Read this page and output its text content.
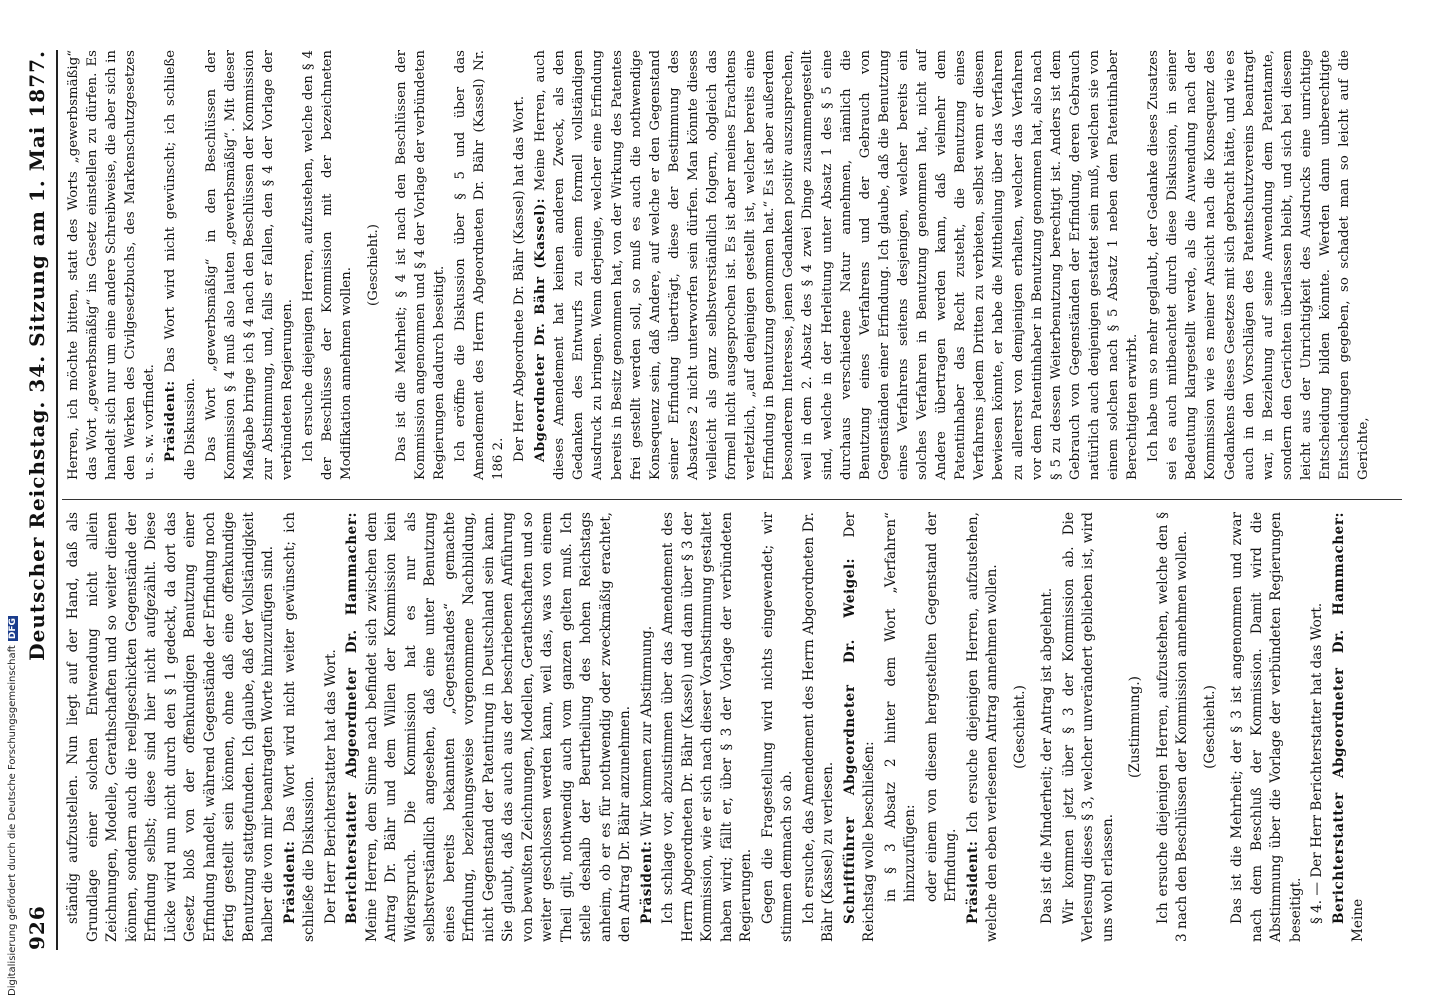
926
Deutscher Reichstag. 34. Sitzung am 1. Mai 1877.

ständig aufzustellen. Nun liegt auf der Hand, daß als Grundlage einer solchen Entwendung nicht allein Zeichnungen, Modelle, Gerathschaften und so weiter dienen können, sondern auch die reellgeschickten Gegenstände der Erfindung selbst; diese sind hier nicht aufgezählt. Diese Lücke wird nun nicht durch den § 1 gedeckt, da dort das Gesetz bloß von der offenkundigen Benutzung einer Erfindung handelt, während Gegenstände der Erfindung noch fertig gestellt sein können, ohne daß eine offenkundige Benutzung stattgefunden. Ich glaube, daß der Vollständigkeit halber die von mir beantragten Worte hinzuzufügen sind. Präsident: Das Wort wird nicht weiter gewünscht; ich schließe die Diskussion. Der Herr Berichterstatter hat das Wort. Berichterstatter Abgeordneter Dr. Hammacher: Meine Herren, dem Sinne nach befindet sich zwischen dem Antrag Dr. Bähr und dem Willen der Kommission kein Widerspruch. Die Kommission hat es nur als selbstverständlich angesehen, daß eine unter Benutzung eines bereits bekannten „Gegenstandes“ gemachte Erfindung, beziehungsweise vorgenommene Nachbildung, nicht Gegenstand der Patentirung in Deutschland sein kann. Sie glaubt, daß das auch aus der beschriebenen Anführung von bewußten Zeichnungen, Modellen, Gerathschaften und so weiter geschlossen werden kann, weil das, was von einem Theil gilt, nothwendig auch vom ganzen gelten muß. Ich stelle deshalb der Beurtheilung des hohen Reichstags anheim, ob er es für nothwendig oder zweckmäßig erachtet, den Antrag Dr. Bähr anzunehmen. Präsident: Wir kommen zur Abstimmung. Ich schlage vor, abzustimmen über das Amendement des Herrn Abgeordneten Dr. Bähr (Kassel) und dann über § 3 der Kommission, wie er sich nach dieser Vorabstimmung gestaltet haben wird; fällt er, über § 3 der Vorlage der verbündeten Regierungen. Gegen die Fragestellung wird nichts eingewendet; wir stimmen demnach so ab. Ich ersuche, das Amendement des Herrn Abgeordneten Dr. Bähr (Kassel) zu verlesen. Schriftführer Abgeordneter Dr. Weigel: Der Reichstag wolle beschließen: in § 3 Absatz 2 hinter dem Wort „Verfahren“ hinzuzufügen: oder einem von diesem hergestellten Gegenstand der Erfindung. Präsident: Ich ersuche diejenigen Herren, aufzustehen, welche den eben verlesenen Antrag annehmen wollen. (Geschieht.) Das ist die Minderheit; der Antrag ist abgelehnt. Wir kommen jetzt über § 3 der Kommission ab. Die Verlesung dieses § 3, welcher unverändert geblieben ist, wird uns wohl erlassen.

(Zustimmung.) Ich ersuche diejenigen Herren, aufzustehen, welche den § 3 nach den Beschlüssen der Kommission annehmen wollen. (Geschieht.) Das ist die Mehrheit; der § 3 ist angenommen und zwar nach dem Beschluß der Kommission. Damit wird die Abstimmung über die Vorlage der verbündeten Regierungen beseitigt. § 4. — Der Herr Berichterstatter hat das Wort. Berichterstatter Abgeordneter Dr. Hammacher: Meine

Herren, ich möchte bitten, statt des Worts „gewerbsmäßig“ das Wort „gewerbsmäßig“ ins Gesetz einstellen zu dürfen. Es handelt sich nur um eine andere Schreibweise, die aber sich in den Werken des Civilgesetzbuchs, des Markenschutzgesetzes u. s. w. vorfindet. Präsident: Das Wort wird nicht gewünscht; ich schließe die Diskussion. Das Wort „gewerbsmäßig“ in den Beschlüssen der Kommission § 4 muß also lauten „gewerbsmäßig“. Mit dieser Maßgabe bringe ich § 4 nach den Beschlüssen der Kommission zur Abstimmung, und, falls er fallen, den § 4 der Vorlage der verbündeten Regierungen. Ich ersuche diejenigen Herren, aufzustehen, welche den § 4 der Beschlüsse der Kommission mit der bezeichneten Modifikation annehmen wollen.

(Geschieht.) Das ist die Mehrheit; § 4 ist nach den Beschlüssen der Kommission angenommen und § 4 der Vorlage der verbündeten Regierungen dadurch beseitigt. Ich eröffne die Diskussion über § 5 und über das Amendement des Herrn Abgeordneten Dr. Bähr (Kassel) Nr. 186 2. Der Herr Abgeordnete Dr. Bähr (Kassel) hat das Wort. Abgeordneter Dr. Bähr (Kassel): Meine Herren, auch dieses Amendement hat keinen anderen Zweck, als den Gedanken des Entwurfs zu einem formell vollständigen Ausdruck zu bringen. Wenn derjenige, welcher eine Erfindung bereits in Besitz genommen hat, von der Wirkung des Patentes frei gestellt werden soll, so muß es auch die nothwendige Konsequenz sein, daß Andere, auf welche er den Gegenstand seiner Erfindung überträgt, diese der Bestimmung des Absatzes 2 nicht unterworfen sein dürfen. Man könnte dieses vielleicht als ganz selbstverständlich folgern, obgleich das formell nicht ausgesprochen ist. Es ist aber meines Erachtens verletzlich, „auf denjenigen gestellt ist, welcher bereits eine Erfindung in Benutzung genommen hat.“ Es ist aber außerdem besonderem Interesse, jenen Gedanken positiv auszusprechen, weil in dem 2. Absatz des § 4 zwei Dinge zusammengestellt sind, welche in der Herleitung unter Absatz 1 des § 5 eine durchaus verschiedene Natur annehmen, nämlich die Benutzung eines Verfahrens und der Gebrauch von Gegenständen einer Erfindung. Ich glaube, daß die Benutzung eines Verfahrens seitens desjenigen, welcher bereits ein solches Verfahren in Benutzung genommen hat, nicht auf Andere übertragen werden kann, daß vielmehr dem Patentinhaber das Recht zusteht, die Benutzung eines Verfahrens jedem Dritten zu verbieten, selbst wenn er diesem bewiesen könnte, er habe die Mittheilung über das Verfahren zu allererst von demjenigen erhalten, welcher das Verfahren vor dem Patentinhaber in Benutzung genommen hat, also nach § 5 zu dessen Weiterbenutzung berechtigt ist. Anders ist dem Gebrauch von Gegenständen der Erfindung, deren Gebrauch natürlich auch denjenigen gestattet sein muß, welchen sie von einem solchen nach § 5 Absatz 1 neben dem Patentinhaber Berechtigten erwirbt. Ich habe um so mehr geglaubt, der Gedanke dieses Zusatzes sei es auch mitbeachtet durch diese Diskussion, in seiner Bedeutung klargestellt werde, als die Auwendung nach der Kommission wie es meiner Ansicht nach die Konsequenz des Gedankens dieses Gesetzes mit sich gebracht hätte, und wie es auch in den Vorschlägen des Patentschutzvereins beantragt war, in Beziehung auf seine Anwendung dem Patentamte, sondern den Gerichten überlassen bleibt, und sich bei diesem leicht aus der Unrichtigkeit des Ausdrucks eine unrichtige Entscheidung bilden könnte. Werden dann unberechtigte Entscheidungen gegeben, so schadet man so leicht auf die Gerichte,

Digitalisierung gefördert durch die Deutsche ForschungsgemeinschaftDFG
